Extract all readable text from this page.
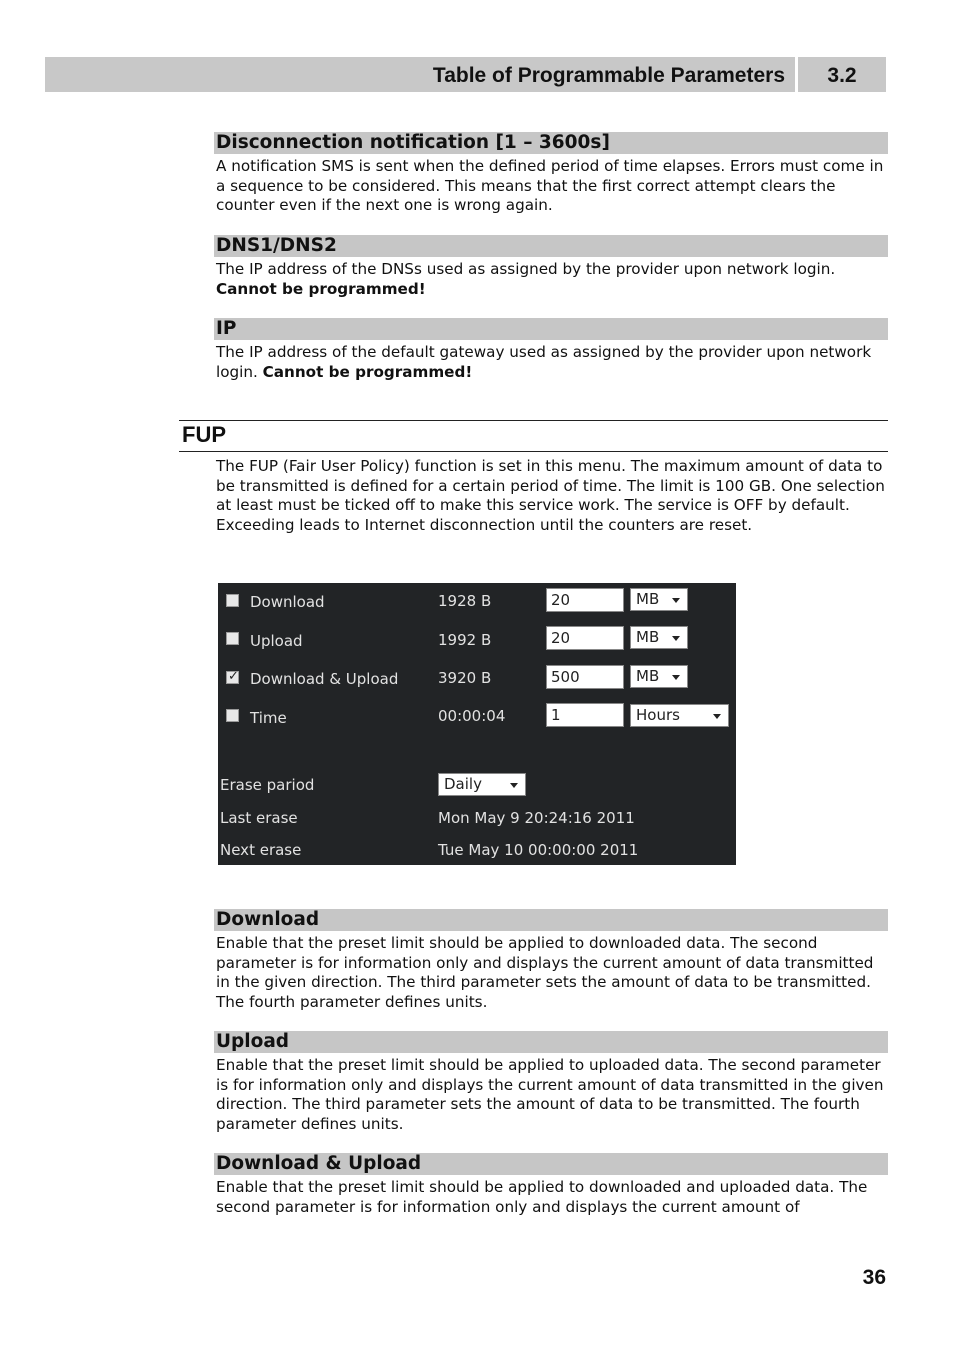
Table of Programmable Parameters	3.2
Disconnection notification [1 – 3600s]
A notification SMS is sent when the defined period of time elapses. Errors must come in a sequence to be considered. This means that the first correct attempt clears the counter even if the next one is wrong again.
DNS1/DNS2
The IP address of the DNSs used as assigned by the provider upon network login.
Cannot be programmed!
IP
The IP address of the default gateway used as assigned by the provider upon network login. Cannot be programmed!
FUP
The FUP (Fair User Policy) function is set in this menu. The maximum amount of data to be transmitted is defined for a certain period of time. The limit is 100 GB. One selection at least must be ticked off to make this service work. The service is OFF by default. Exceeding leads to Internet disconnection until the counters are reset.
Download	1928 B	20	MB
Upload	1992 B	20	MB
✓ Download & Upload	3920 B	500	MB
Time	00:00:04	1	Hours
Erase pariod	Daily
Last erase	Mon May 9 20:24:16 2011
Next erase	Tue May 10 00:00:00 2011
Download
Enable that the preset limit should be applied to downloaded data. The second parameter is for information only and displays the current amount of data transmitted in the given direction. The third parameter sets the amount of data to be transmitted. The fourth parameter defines units.
Upload
Enable that the preset limit should be applied to uploaded data. The second parameter is for information only and displays the current amount of data transmitted in the given direction. The third parameter sets the amount of data to be transmitted. The fourth parameter defines units.
Download & Upload
Enable that the preset limit should be applied to downloaded and uploaded data. The second parameter is for information only and displays the current amount of
36
